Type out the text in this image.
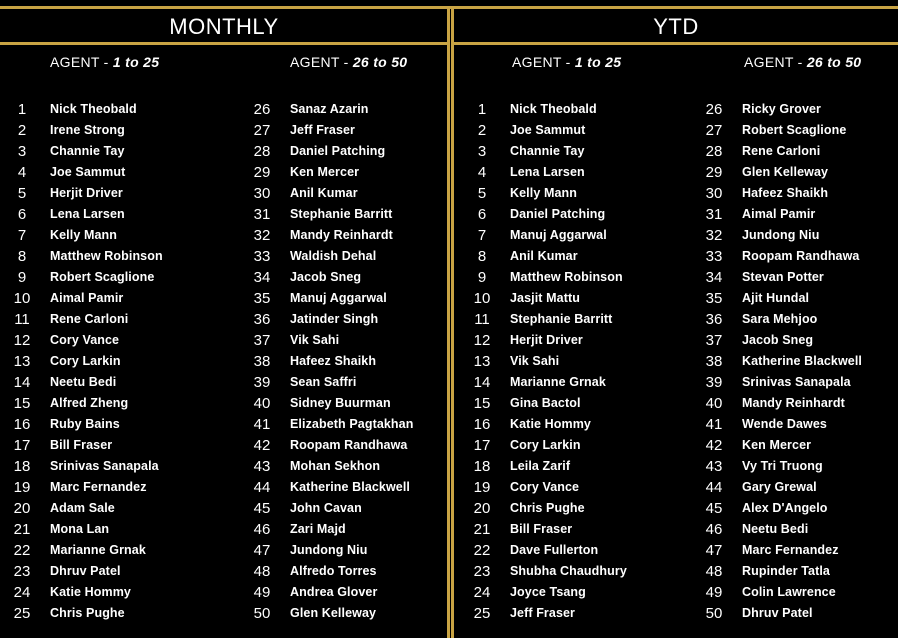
MONTHLY
AGENT - 1 to 25	AGENT - 26 to 50
1	Nick Theobald
2	Irene Strong
3	Channie Tay
4	Joe Sammut
5	Herjit Driver
6	Lena Larsen
7	Kelly Mann
8	Matthew Robinson
9	Robert Scaglione
10	Aimal Pamir
11	Rene Carloni
12	Cory Vance
13	Cory Larkin
14	Neetu Bedi
15	Alfred Zheng
16	Ruby Bains
17	Bill Fraser
18	Srinivas Sanapala
19	Marc Fernandez
20	Adam Sale
21	Mona Lan
22	Marianne Grnak
23	Dhruv Patel
24	Katie Hommy
25	Chris Pughe
26	Sanaz Azarin
27	Jeff Fraser
28	Daniel Patching
29	Ken Mercer
30	Anil Kumar
31	Stephanie Barritt
32	Mandy Reinhardt
33	Waldish Dehal
34	Jacob Sneg
35	Manuj Aggarwal
36	Jatinder Singh
37	Vik Sahi
38	Hafeez Shaikh
39	Sean Saffri
40	Sidney Buurman
41	Elizabeth Pagtakhan
42	Roopam Randhawa
43	Mohan Sekhon
44	Katherine Blackwell
45	John Cavan
46	Zari Majd
47	Jundong Niu
48	Alfredo Torres
49	Andrea Glover
50	Glen Kelleway
YTD
AGENT - 1 to 25	AGENT - 26 to 50
1	Nick Theobald
2	Joe Sammut
3	Channie Tay
4	Lena Larsen
5	Kelly Mann
6	Daniel Patching
7	Manuj Aggarwal
8	Anil Kumar
9	Matthew Robinson
10	Jasjit Mattu
11	Stephanie Barritt
12	Herjit Driver
13	Vik Sahi
14	Marianne Grnak
15	Gina Bactol
16	Katie Hommy
17	Cory Larkin
18	Leila Zarif
19	Cory Vance
20	Chris Pughe
21	Bill Fraser
22	Dave Fullerton
23	Shubha Chaudhury
24	Joyce Tsang
25	Jeff Fraser
26	Ricky Grover
27	Robert Scaglione
28	Rene Carloni
29	Glen Kelleway
30	Hafeez Shaikh
31	Aimal Pamir
32	Jundong Niu
33	Roopam Randhawa
34	Stevan Potter
35	Ajit Hundal
36	Sara Mehjoo
37	Jacob Sneg
38	Katherine Blackwell
39	Srinivas Sanapala
40	Mandy Reinhardt
41	Wende Dawes
42	Ken Mercer
43	Vy Tri Truong
44	Gary Grewal
45	Alex D'Angelo
46	Neetu Bedi
47	Marc Fernandez
48	Rupinder Tatla
49	Colin Lawrence
50	Dhruv Patel
